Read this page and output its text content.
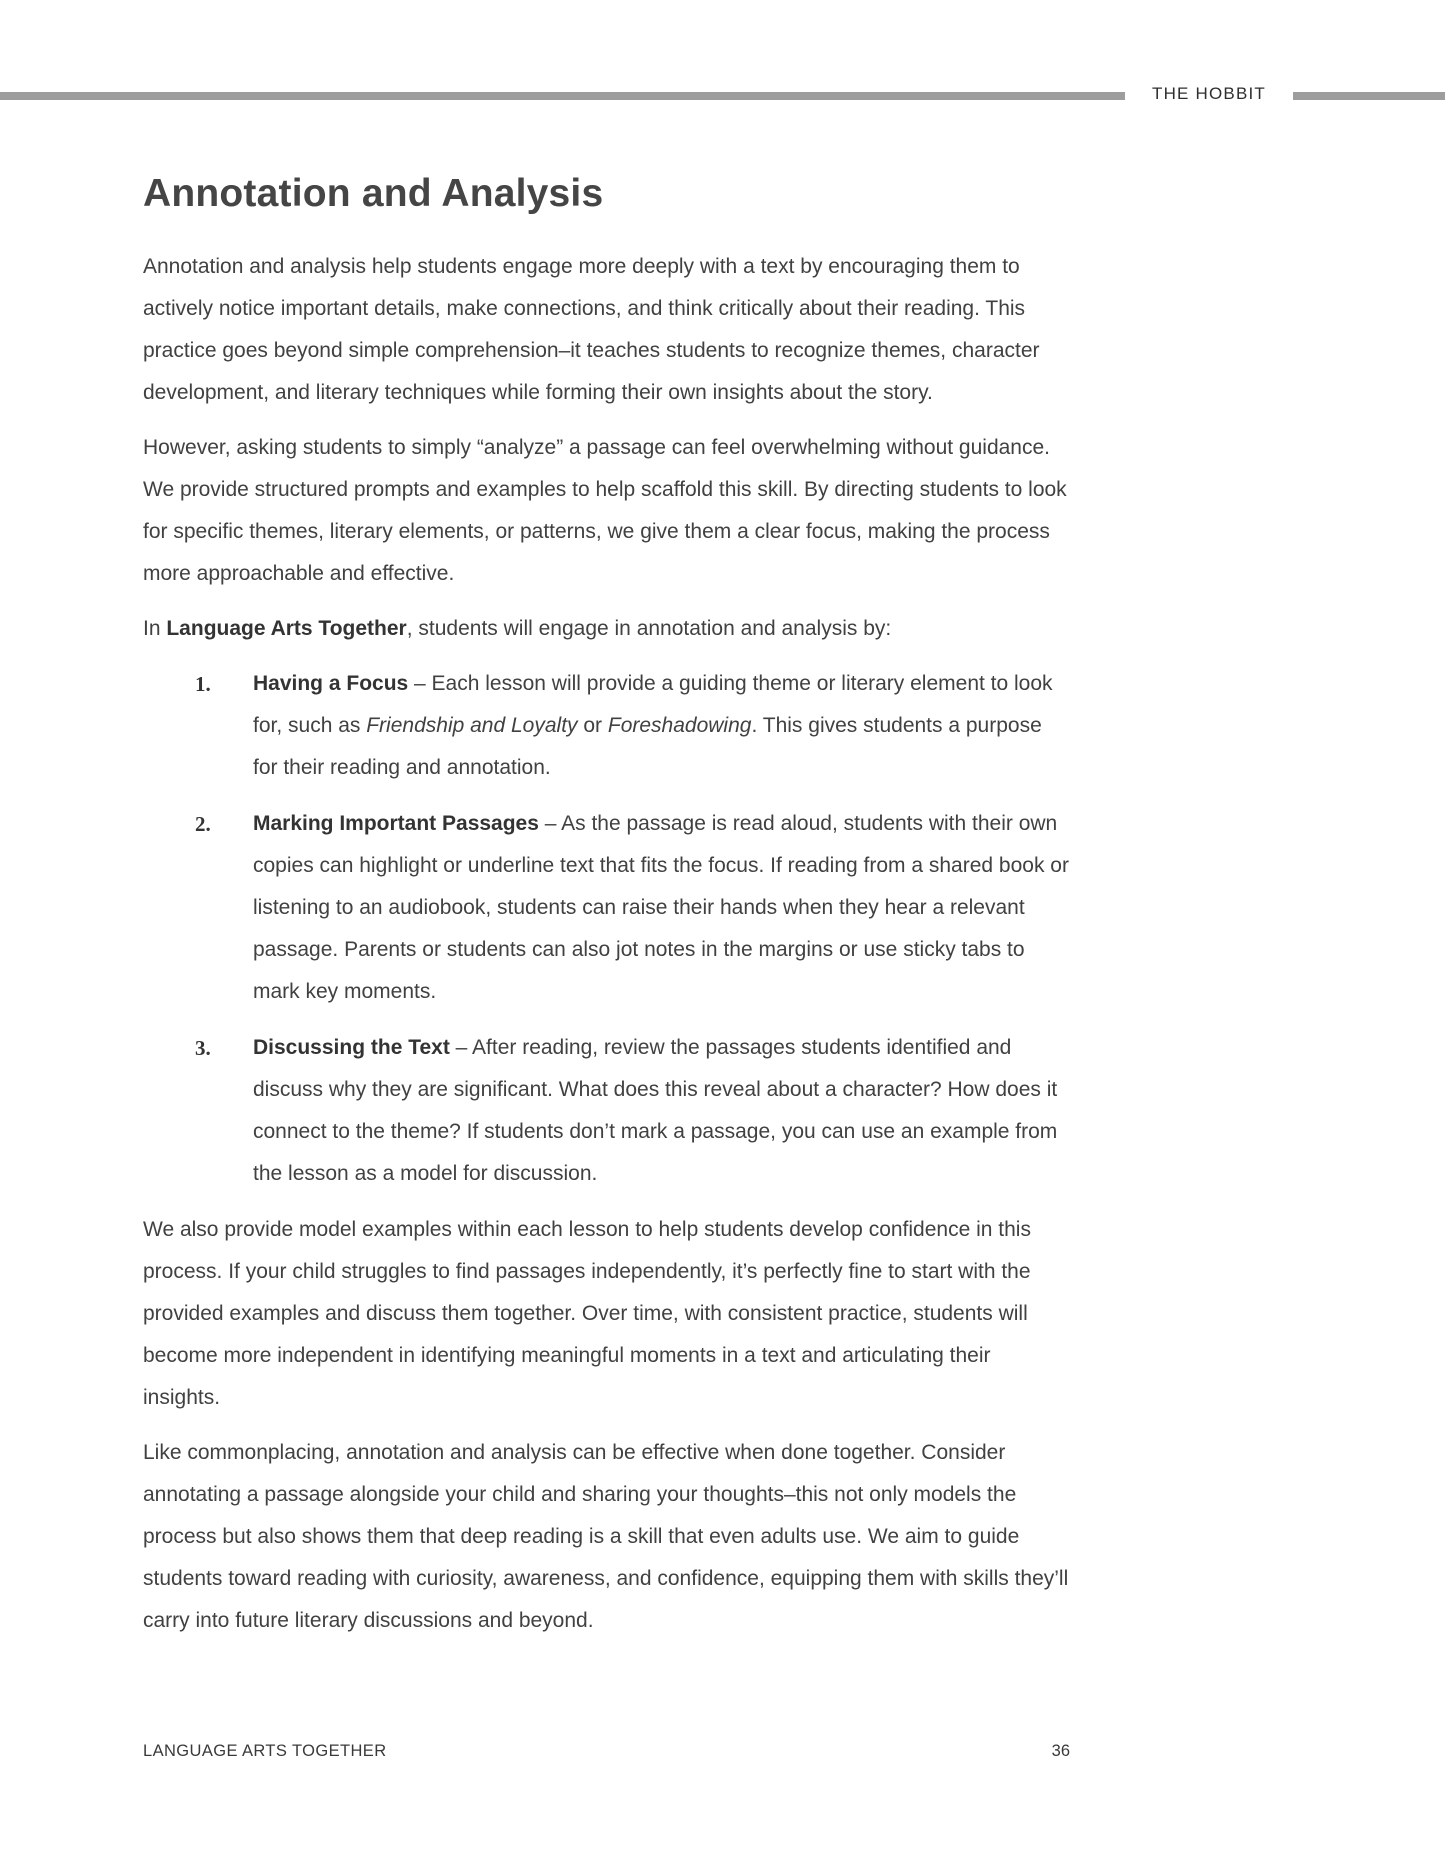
THE HOBBIT
Annotation and Analysis

Annotation and analysis help students engage more deeply with a text by encouraging them to actively notice important details, make connections, and think critically about their reading. This practice goes beyond simple comprehension–it teaches students to recognize themes, character development, and literary techniques while forming their own insights about the story.

However, asking students to simply “analyze” a passage can feel overwhelming without guidance. We provide structured prompts and examples to help scaffold this skill. By directing students to look for specific themes, literary elements, or patterns, we give them a clear focus, making the process more approachable and effective.

In Language Arts Together, students will engage in annotation and analysis by:

1. Having a Focus – Each lesson will provide a guiding theme or literary element to look for, such as Friendship and Loyalty or Foreshadowing. This gives students a purpose for their reading and annotation.
2. Marking Important Passages – As the passage is read aloud, students with their own copies can highlight or underline text that fits the focus. If reading from a shared book or listening to an audiobook, students can raise their hands when they hear a relevant passage. Parents or students can also jot notes in the margins or use sticky tabs to mark key moments.
3. Discussing the Text – After reading, review the passages students identified and discuss why they are significant. What does this reveal about a character? How does it connect to the theme? If students don’t mark a passage, you can use an example from the lesson as a model for discussion.

We also provide model examples within each lesson to help students develop confidence in this process. If your child struggles to find passages independently, it’s perfectly fine to start with the provided examples and discuss them together. Over time, with consistent practice, students will become more independent in identifying meaningful moments in a text and articulating their insights.

Like commonplacing, annotation and analysis can be effective when done together. Consider annotating a passage alongside your child and sharing your thoughts–this not only models the process but also shows them that deep reading is a skill that even adults use. We aim to guide students toward reading with curiosity, awareness, and confidence, equipping them with skills they’ll carry into future literary discussions and beyond.

LANGUAGE ARTS TOGETHER	36
